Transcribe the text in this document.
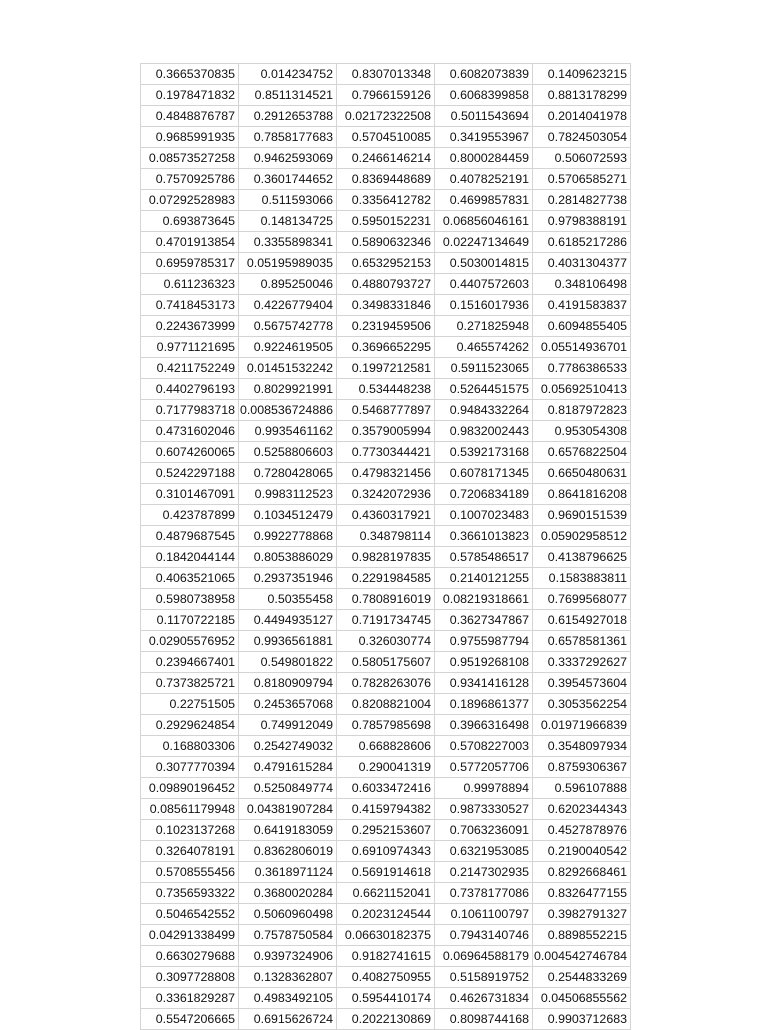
0.3665370835	0.014234752	0.8307013348	0.6082073839	0.1409623215
0.1978471832	0.8511314521	0.7966159126	0.6068399858	0.8813178299
0.4848876787	0.2912653788	0.02172322508	0.5011543694	0.2014041978
0.9685991935	0.7858177683	0.5704510085	0.3419553967	0.7824503054
0.08573527258	0.9462593069	0.2466146214	0.8000284459	0.506072593
0.7570925786	0.3601744652	0.8369448689	0.4078252191	0.5706585271
0.07292528983	0.511593066	0.3356412782	0.4699857831	0.2814827738
0.693873645	0.148134725	0.5950152231	0.06856046161	0.9798388191
0.4701913854	0.3355898341	0.5890632346	0.02247134649	0.6185217286
0.6959785317	0.05195989035	0.6532952153	0.5030014815	0.4031304377
0.611236323	0.895250046	0.4880793727	0.4407572603	0.348106498
0.7418453173	0.4226779404	0.3498331846	0.1516017936	0.4191583837
0.2243673999	0.5675742778	0.2319459506	0.271825948	0.6094855405
0.9771121695	0.9224619505	0.3696652295	0.465574262	0.05514936701
0.4211752249	0.01451532242	0.1997212581	0.5911523065	0.7786386533
0.4402796193	0.8029921991	0.534448238	0.5264451575	0.05692510413
0.7177983718	0.008536724886	0.5468777897	0.9484332264	0.8187972823
0.4731602046	0.9935461162	0.3579005994	0.9832002443	0.953054308
0.6074260065	0.5258806603	0.7730344421	0.5392173168	0.6576822504
0.5242297188	0.7280428065	0.4798321456	0.6078171345	0.6650480631
0.3101467091	0.9983112523	0.3242072936	0.7206834189	0.8641816208
0.423787899	0.1034512479	0.4360317921	0.1007023483	0.9690151539
0.4879687545	0.9922778868	0.348798114	0.3661013823	0.05902958512
0.1842044144	0.8053886029	0.9828197835	0.5785486517	0.4138796625
0.4063521065	0.2937351946	0.2291984585	0.2140121255	0.1583883811
0.5980738958	0.50355458	0.7808916019	0.08219318661	0.7699568077
0.1170722185	0.4494935127	0.7191734745	0.3627347867	0.6154927018
0.02905576952	0.9936561881	0.326030774	0.9755987794	0.6578581361
0.2394667401	0.549801822	0.5805175607	0.9519268108	0.3337292627
0.7373825721	0.8180909794	0.7828263076	0.9341416128	0.3954573604
0.22751505	0.2453657068	0.8208821004	0.1896861377	0.3053562254
0.2929624854	0.749912049	0.7857985698	0.3966316498	0.01971966839
0.168803306	0.2542749032	0.668828606	0.5708227003	0.3548097934
0.3077770394	0.4791615284	0.290041319	0.5772057706	0.8759306367
0.09890196452	0.5250849774	0.6033472416	0.99978894	0.596107888
0.08561179948	0.04381907284	0.4159794382	0.9873330527	0.6202344343
0.1023137268	0.6419183059	0.2952153607	0.7063236091	0.4527878976
0.3264078191	0.8362806019	0.6910974343	0.6321953085	0.2190040542
0.5708555456	0.3618971124	0.5691914618	0.2147302935	0.8292668461
0.7356593322	0.3680020284	0.6621152041	0.7378177086	0.8326477155
0.5046542552	0.5060960498	0.2023124544	0.1061100797	0.3982791327
0.04291338499	0.7578750584	0.06630182375	0.7943140746	0.8898552215
0.6630279688	0.9397324906	0.9182741615	0.06964588179	0.004542746784
0.3097728808	0.1328362807	0.4082750955	0.5158919752	0.2544833269
0.3361829287	0.4983492105	0.5954410174	0.4626731834	0.04506855562
0.5547206665	0.6915626724	0.2022130869	0.8098744168	0.9903712683
